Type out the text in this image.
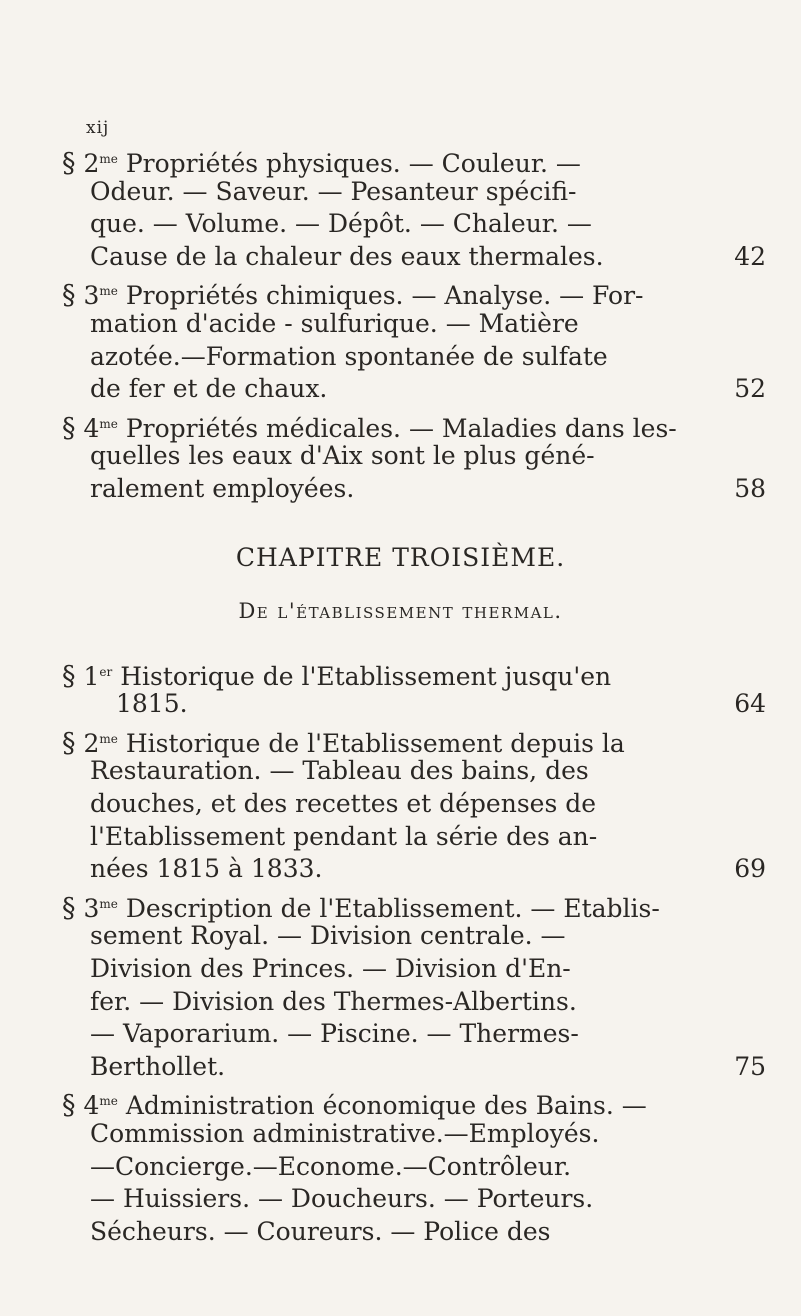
xij
§ $2^{me}$ Propriétés physiques. — Couleur. —
Odeur. — Saveur. — Pesanteur spécifi-
que. — Volume. — Dépôt. — Chaleur. —
Cause de la chaleur des eaux thermales.	42
§ $3^{me}$ Propriétés chimiques. — Analyse. — For-
mation d'acide - sulfurique. — Matière
azotée.—Formation spontanée de sulfate
de fer et de chaux.	52
§ $4^{me}$ Propriétés médicales. — Maladies dans les-
quelles les eaux d'Aix sont le plus géné-
ralement employées.	58
CHAPITRE TROISIÈME.
De l'établissement thermal.
§ 1er Historique de l'Etablissement jusqu'en
1815.	64
§ $2^{me}$ Historique de l'Etablissement depuis la
Restauration. — Tableau des bains, des
douches, et des recettes et dépenses de
l'Etablissement pendant la série des an-
nées 1815 à 1833.	69
§ $3^{me}$ Description de l'Etablissement. — Etablis-
sement Royal. — Division centrale. —
Division des Princes. — Division d'En-
fer. — Division des Thermes-Albertins.
— Vaporarium. — Piscine. — Thermes-
Berthollet.	75
§ $4^{me}$ Administration économique des Bains. —
Commission administrative.—Employés.
—Concierge.—Econome.—Contrôleur.
— Huissiers. — Doucheurs. — Porteurs.
Sécheurs. — Coureurs. — Police des
